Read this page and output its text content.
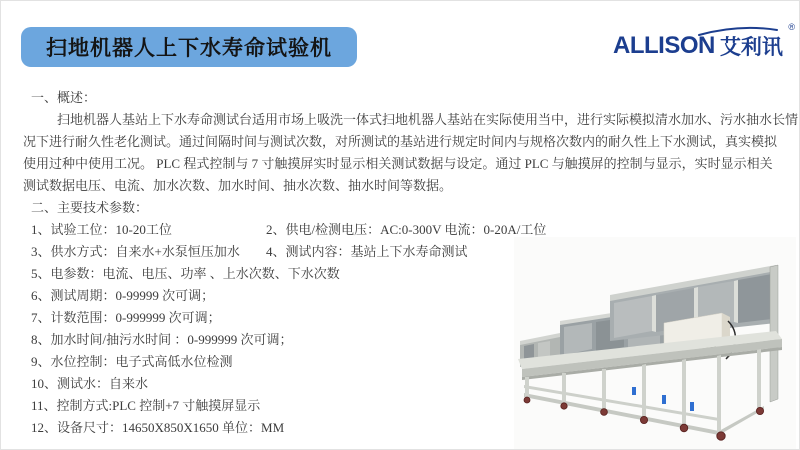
扫地机器人上下水寿命试验机	ALLISON 艾利讯
®
一、概述：
扫地机器人基站上下水寿命测试台适用市场上吸洗一体式扫地机器人基站在实际使用当中，进行实际模拟清水加水、污水抽水长情
况下进行耐久性老化测试。通过间隔时间与测试次数，对所测试的基站进行规定时间内与规格次数内的耐久性上下水测试，真实模拟
使用过种中使用工况。 PLC 程式控制与 7 寸触摸屏实时显示相关测试数据与设定。通过 PLC 与触摸屏的控制与显示，实时显示相关
测试数据电压、电流、加水次数、加水时间、抽水次数、抽水时间等数据。
二、主要技术参数：
1、试验工位：10-20工位	2、供电/检测电压：AC:0-300V 电流：0-20A/工位
3、供水方式：自来水+水泵恒压加水 4、测试内容：基站上下水寿命测试
5、电参数：电流、电压、功率 、上水次数、下水次数
6、测试周期：0-99999 次可调；
7、计数范围：0-999999 次可调；
8、加水时间/抽污水时间 ：0-999999 次可调；
9、水位控制：电子式高低水位检测
10、测试水：自来水
11、控制方式:PLC 控制+7 寸触摸屏显示
12、设备尺寸：14650X850X1650 单位：MM
